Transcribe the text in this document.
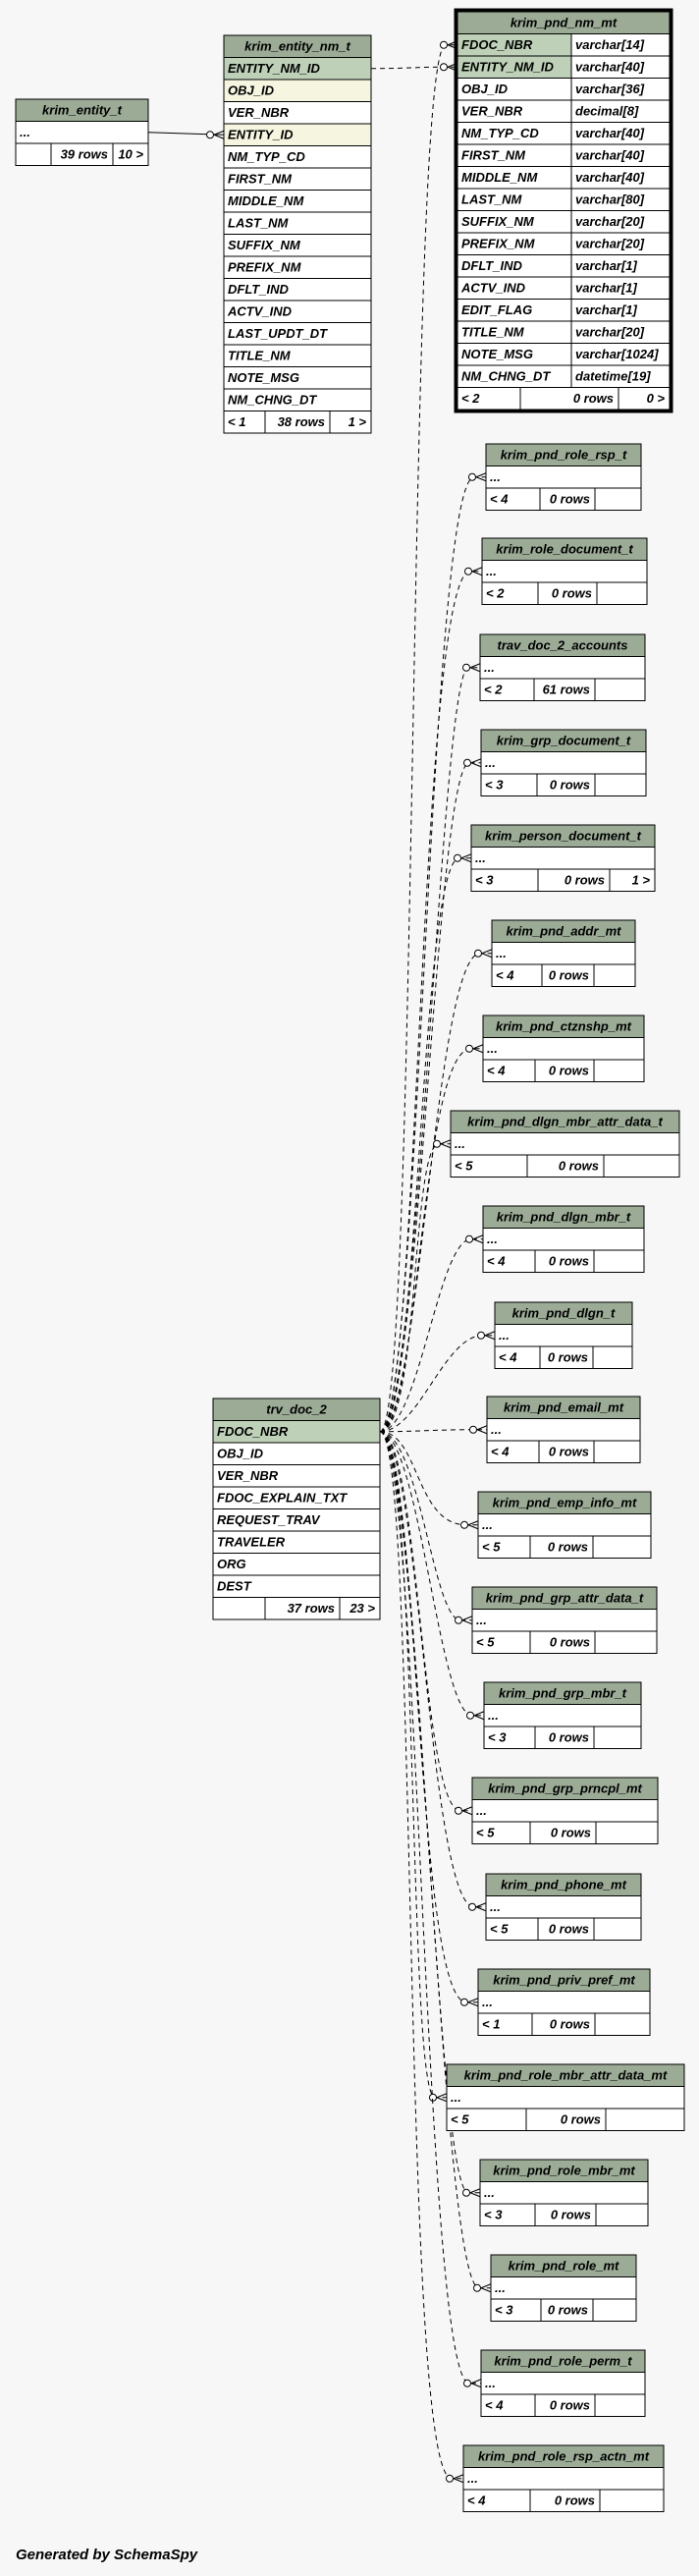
krim_entity_t
...
39 rows 10 >
krim_entity_nm_t
ENTITY_NM_ID
OBJ_ID
VER_NBR
ENTITY_ID
NM_TYP_CD
FIRST_NM
MIDDLE_NM
LAST_NM
SUFFIX_NM
PREFIX_NM
DFLT_IND
ACTV_IND
LAST_UPDT_DT
TITLE_NM
NOTE_MSG
NM_CHNG_DT
< 1 38 rows 1 >
krim_pnd_nm_mt
FDOC_NBR	varchar[14]
ENTITY_NM_ID varchar[40]
OBJ_ID	varchar[36]
VER_NBR	decimal[8]
NM_TYP_CD	varchar[40]
FIRST_NM	varchar[40]
MIDDLE_NM	varchar[40]
LAST_NM	varchar[80]
SUFFIX_NM	varchar[20]
PREFIX_NM	varchar[20]
DFLT_IND	varchar[1]
ACTV_IND	varchar[1]
EDIT_FLAG	varchar[1]
TITLE_NM	varchar[20]
NOTE_MSG	varchar[1024]
NM_CHNG_DT datetime[19]
< 2	0 rows	0 >
trv_doc_2
FDOC_NBR
OBJ_ID
VER_NBR
FDOC_EXPLAIN_TXT
REQUEST_TRAV
TRAVELER
ORG
DEST
37 rows 23 >
krim_pnd_role_rsp_t
...
< 4	0 rows
krim_role_document_t
...
< 2	0 rows
trav_doc_2_accounts
...
< 2	61 rows
krim_grp_document_t
...
< 3	0 rows
krim_person_document_t
...
< 3	0 rows 1 >
krim_pnd_addr_mt
...
< 4	0 rows
krim_pnd_ctznshp_mt
...
< 4	0 rows
krim_pnd_dlgn_mbr_attr_data_t
...
< 5	0 rows
krim_pnd_dlgn_mbr_t
...
< 4	0 rows
krim_pnd_dlgn_t
...
< 4 0 rows
krim_pnd_email_mt
...
< 4	0 rows
krim_pnd_emp_info_mt
...
< 5	0 rows
krim_pnd_grp_attr_data_t
...
< 5	0 rows
krim_pnd_grp_mbr_t
...
< 3	0 rows
krim_pnd_grp_prncpl_mt
...
< 5	0 rows
krim_pnd_phone_mt
...
< 5	0 rows
krim_pnd_priv_pref_mt
...
< 1	0 rows
krim_pnd_role_mbr_attr_data_mt
...
< 5	0 rows
krim_pnd_role_mbr_mt
...
< 3	0 rows
krim_pnd_role_mt
...
< 3	0 rows
krim_pnd_role_perm_t
...
< 4	0 rows
krim_pnd_role_rsp_actn_mt
...
< 4	0 rows
Generated by SchemaSpy
